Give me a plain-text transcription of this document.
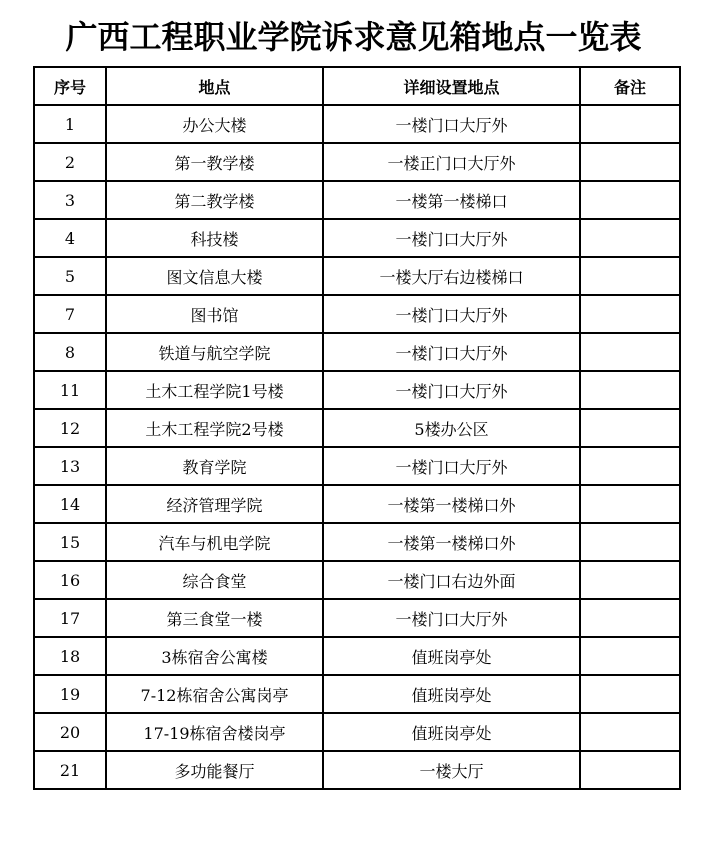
广西工程职业学院诉求意见箱地点一览表
序号	地点	详细设置地点	备注
1	办公大楼	一楼门口大厅外	
2	第一教学楼	一楼正门口大厅外	
3	第二教学楼	一楼第一楼梯口	
4	科技楼	一楼门口大厅外	
5	图文信息大楼	一楼大厅右边楼梯口	
7	图书馆	一楼门口大厅外	
8	铁道与航空学院	一楼门口大厅外	
11	土木工程学院1号楼	一楼门口大厅外	
12	土木工程学院2号楼	5楼办公区	
13	教育学院	一楼门口大厅外	
14	经济管理学院	一楼第一楼梯口外	
15	汽车与机电学院	一楼第一楼梯口外	
16	综合食堂	一楼门口右边外面	
17	第三食堂一楼	一楼门口大厅外	
18	3栋宿舍公寓楼	值班岗亭处	
19	7-12栋宿舍公寓岗亭	值班岗亭处	
20	17-19栋宿舍楼岗亭	值班岗亭处	
21	多功能餐厅	一楼大厅	
